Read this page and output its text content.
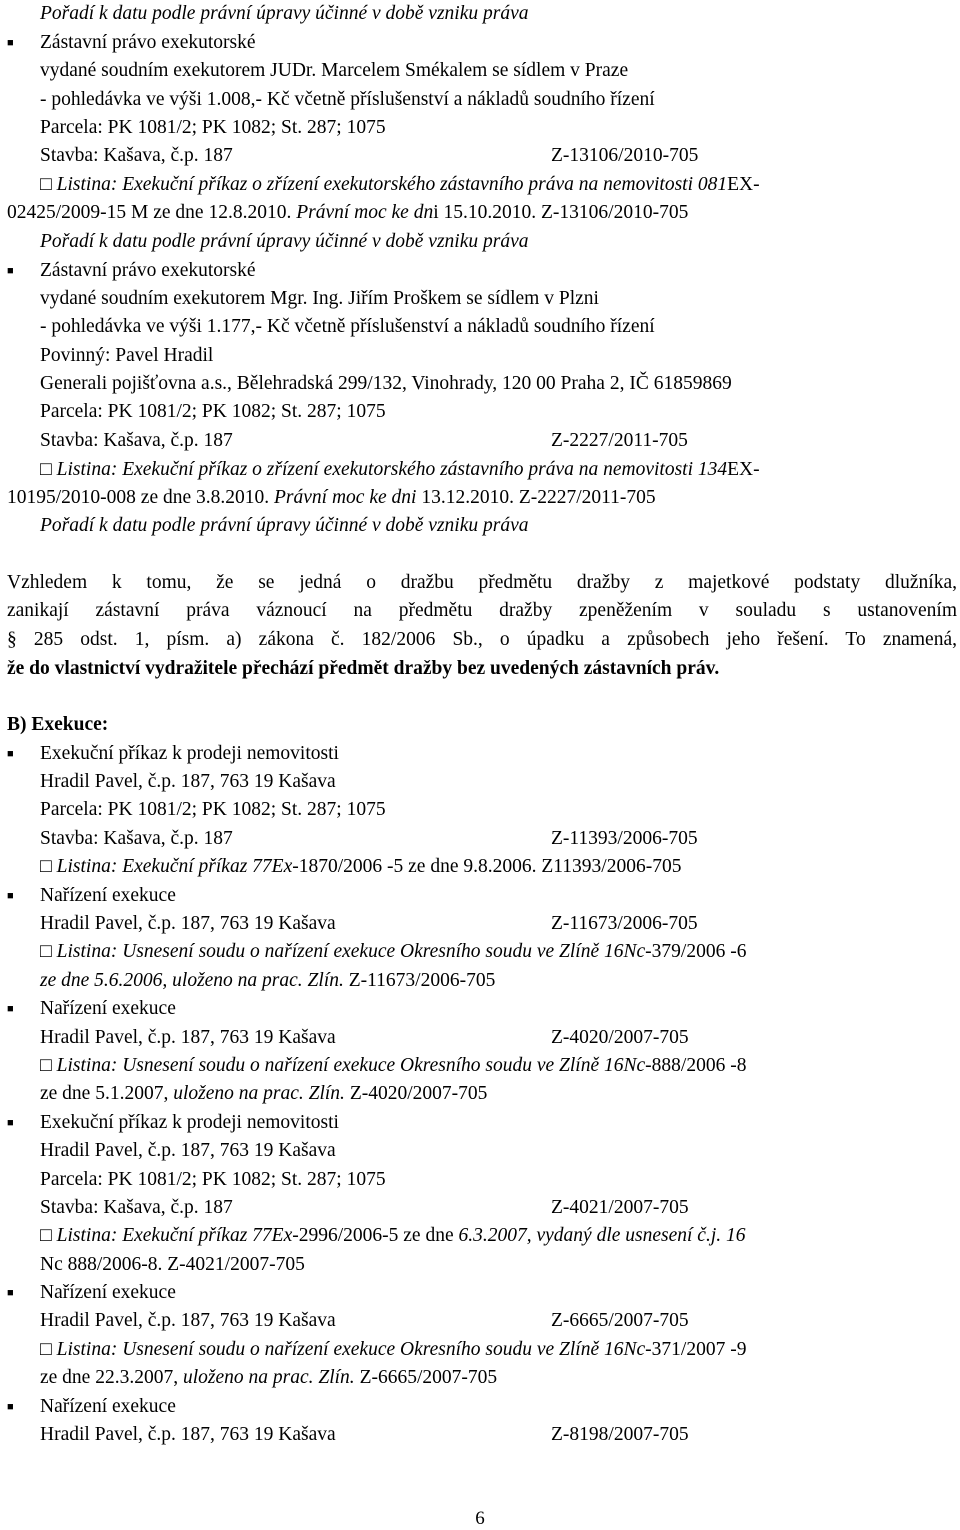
Pořadí k datu podle právní úpravy účinné v době vzniku práva
■ Zástavní právo exekutorské
vydané soudním exekutorem JUDr. Marcelem Smékalem se sídlem v Praze
- pohledávka ve výši 1.008,- Kč včetně příslušenství a nákladů soudního řízení
Parcela: PK 1081/2; PK 1082; St. 287; 1075
Stavba: Kašava, č.p. 187	Z-13106/2010-705
□ Listina: Exekuční příkaz o zřízení exekutorského zástavního práva na nemovitosti 081EX-
02425/2009-15 M ze dne 12.8.2010. Právní moc ke dni 15.10.2010. Z-13106/2010-705
Pořadí k datu podle právní úpravy účinné v době vzniku práva
■ Zástavní právo exekutorské
vydané soudním exekutorem Mgr. Ing. Jiřím Proškem se sídlem v Plzni
- pohledávka ve výši 1.177,- Kč včetně příslušenství a nákladů soudního řízení
Povinný: Pavel Hradil
Generali pojišťovna a.s., Bělehradská 299/132, Vinohrady, 120 00 Praha 2, IČ 61859869
Parcela: PK 1081/2; PK 1082; St. 287; 1075
Stavba: Kašava, č.p. 187	Z-2227/2011-705
□ Listina: Exekuční příkaz o zřízení exekutorského zástavního práva na nemovitosti 134EX-
10195/2010-008 ze dne 3.8.2010. Právní moc ke dni 13.12.2010. Z-2227/2011-705
Pořadí k datu podle právní úpravy účinné v době vzniku práva
Vzhledem k tomu, že se jedná o dražbu předmětu dražby z majetkové podstaty dlužníka,
zanikají zástavní práva váznoucí na předmětu dražby zpeněžením v souladu s ustanovením
§ 285 odst. 1, písm. a) zákona č. 182/2006 Sb., o úpadku a způsobech jeho řešení. To znamená,
že do vlastnictví vydražitele přechází předmět dražby bez uvedených zástavních práv.
B) Exekuce:
■ Exekuční příkaz k prodeji nemovitosti
Hradil Pavel, č.p. 187, 763 19 Kašava
Parcela: PK 1081/2; PK 1082; St. 287; 1075
Stavba: Kašava, č.p. 187	Z-11393/2006-705
□ Listina: Exekuční příkaz 77Ex-1870/2006 -5 ze dne 9.8.2006. Z11393/2006-705
■ Nařízení exekuce
Hradil Pavel, č.p. 187, 763 19 Kašava	Z-11673/2006-705
□ Listina: Usnesení soudu o nařízení exekuce Okresního soudu ve Zlíně 16Nc-379/2006 -6
ze dne 5.6.2006, uloženo na prac. Zlín. Z-11673/2006-705
■ Nařízení exekuce
Hradil Pavel, č.p. 187, 763 19 Kašava	Z-4020/2007-705
□ Listina: Usnesení soudu o nařízení exekuce Okresního soudu ve Zlíně 16Nc-888/2006 -8
ze dne 5.1.2007, uloženo na prac. Zlín. Z-4020/2007-705
■ Exekuční příkaz k prodeji nemovitosti
Hradil Pavel, č.p. 187, 763 19 Kašava
Parcela: PK 1081/2; PK 1082; St. 287; 1075
Stavba: Kašava, č.p. 187	Z-4021/2007-705
□ Listina: Exekuční příkaz 77Ex-2996/2006-5 ze dne 6.3.2007, vydaný dle usnesení č.j. 16
Nc 888/2006-8. Z-4021/2007-705
■ Nařízení exekuce
Hradil Pavel, č.p. 187, 763 19 Kašava	Z-6665/2007-705
□ Listina: Usnesení soudu o nařízení exekuce Okresního soudu ve Zlíně 16Nc-371/2007 -9
ze dne 22.3.2007, uloženo na prac. Zlín. Z-6665/2007-705
■ Nařízení exekuce
Hradil Pavel, č.p. 187, 763 19 Kašava	Z-8198/2007-705
6
